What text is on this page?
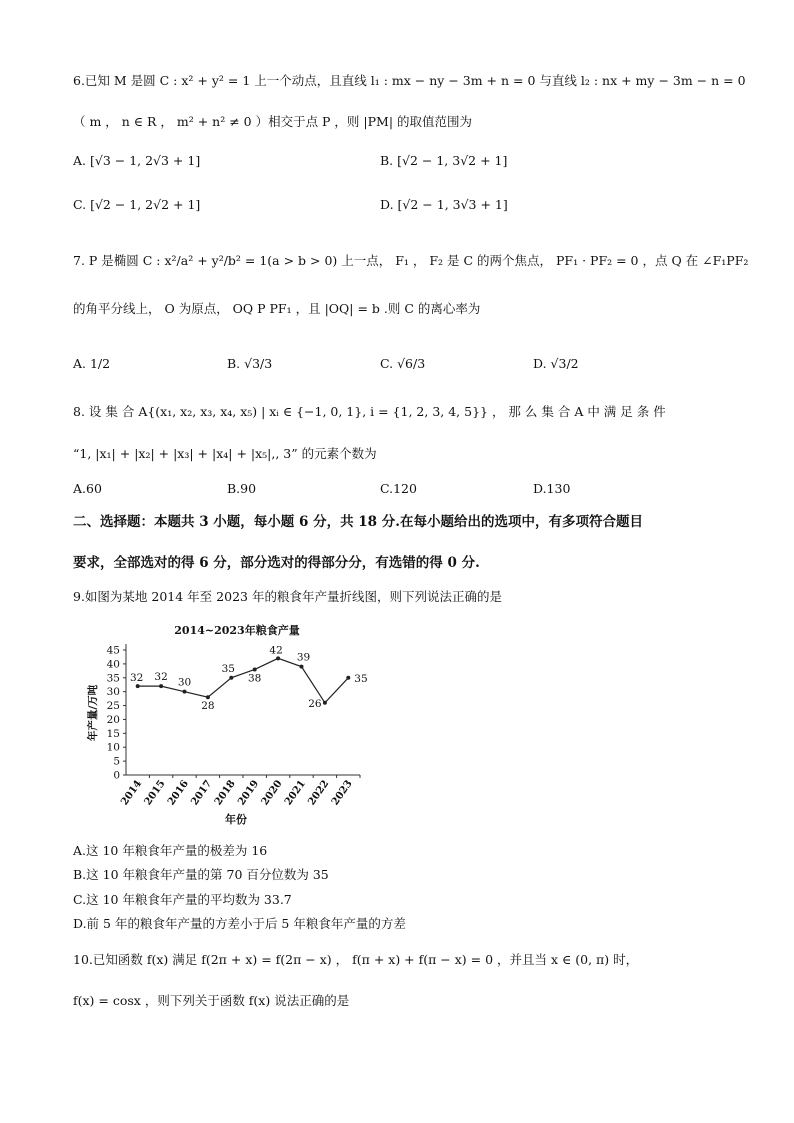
6.已知 M 是圆 C : x² + y² = 1 上一个动点，且直线 l₁ : mx − ny − 3m + n = 0 与直线 l₂ : nx + my − 3m − n = 0
（ m ， n ∈ R ， m² + n² ≠ 0 ）相交于点 P ，则 |PM| 的取值范围为
A. [√3 − 1, 2√3 + 1]	B. [√2 − 1, 3√2 + 1]
C. [√2 − 1, 2√2 + 1]	D. [√2 − 1, 3√3 + 1]
7. P 是椭圆 C : x²/a² + y²/b² = 1(a > b > 0) 上一点， F₁ ， F₂ 是 C 的两个焦点， PF₁ · PF₂ = 0 ，点 Q 在 ∠F₁PF₂
的角平分线上， O 为原点， OQ P PF₁ ，且 |OQ| = b .则 C 的离心率为
A. 1/2	B. √3/3	C. √6/3	D. √3/2
8. 设 集 合 A{(x₁, x₂, x₃, x₄, x₅) | xᵢ ∈ {−1, 0, 1}, i = {1, 2, 3, 4, 5}} ， 那 么 集 合 A 中 满 足 条 件
“1, |x₁| + |x₂| + |x₃| + |x₄| + |x₅|,, 3” 的元素个数为
A.60	B.90	C.120	D.130
二、选择题：本题共 3 小题，每小题 6 分，共 18 分.在每小题给出的选项中，有多项符合题目
要求，全部选对的得 6 分，部分选对的得部分分，有选错的得 0 分.
9.如图为某地 2014 年至 2023 年的粮食年产量折线图，则下列说法正确的是
2014~2023年粮食产量
年产量/万吨
年份
0
5
10
15
20
25
30
35
40
45
2014
2015
2016
2017
2018
2019
2020
2021
2022
2023
32 32 30
28
35
38
42
39
26
35
A.这 10 年粮食年产量的极差为 16
B.这 10 年粮食年产量的第 70 百分位数为 35
C.这 10 年粮食年产量的平均数为 33.7
D.前 5 年的粮食年产量的方差小于后 5 年粮食年产量的方差
10.已知函数 f(x) 满足 f(2π + x) = f(2π − x) ， f(π + x) + f(π − x) = 0 ，并且当 x ∈ (0, π) 时，
f(x) = cosx ，则下列关于函数 f(x) 说法正确的是
